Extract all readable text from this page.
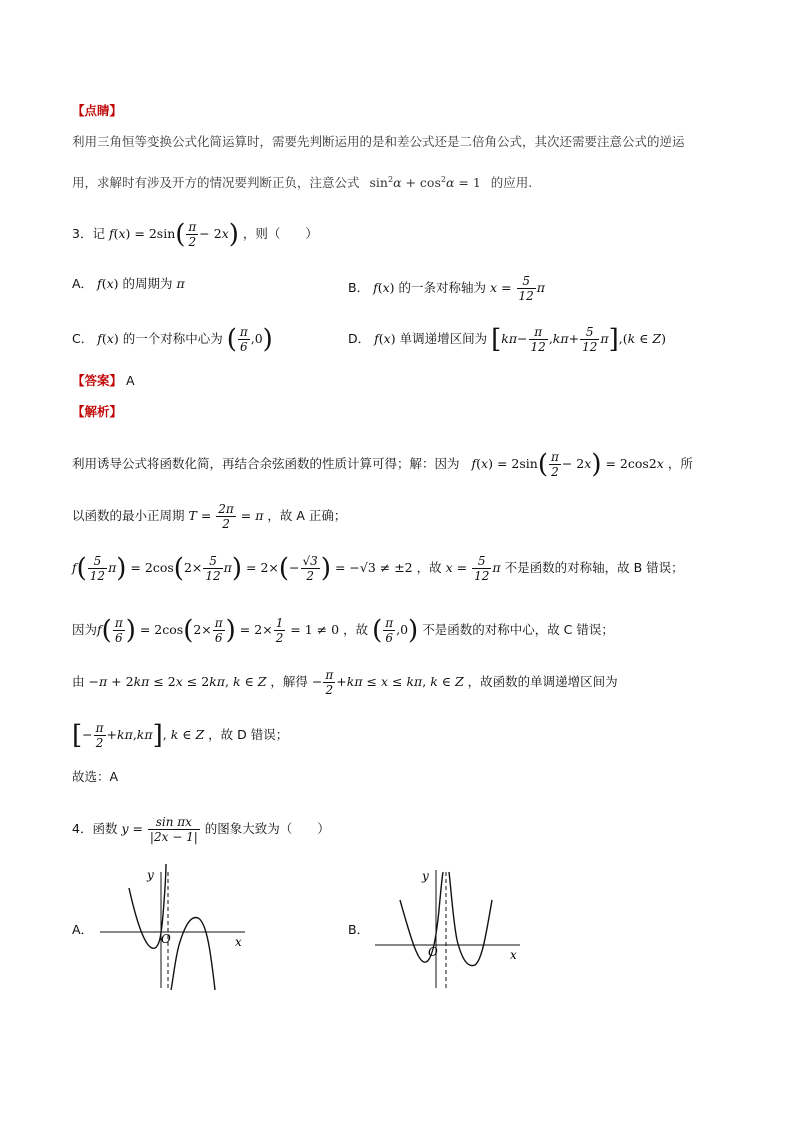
【点睛】
利用三角恒等变换公式化简运算时，需要先判断运用的是和差公式还是二倍角公式，其次还需要注意公式的逆运
用，求解时有涉及开方的情况要判断正负，注意公式 $\sin^2\alpha + \cos^2\alpha = 1$ 的应用.
3．记 $f(x) = 2\sin( \frac{\pi}{2} - 2x)$ ，则（　　）
A． f(x) 的周期为 π	B． f(x) 的一条对称轴为 $x = \frac{5}{12}$ π
C． f(x) 的一个对称中心为 ( $\frac{\pi}{6} ,0$)	D． f(x) 单调递增区间为 $[k\pi- \frac{\pi}{12} ,k\pi+ \frac{5}{12} \pi],(k$ ∈ Z)
【答案】 A
【解析】
利用诱导公式将函数化简，再结合余弦函数的性质计算可得；解：因为 $f(x) = 2\sin( \frac{\pi}{2} - 2x) = 2\cos 2x$ ，所
以函数的最小正周期 $T = \frac{2\pi}{2} = \pi$ ，故 A 正确；
$f( \frac{5}{12} \pi) = 2\cos(2\times \frac{5}{12} \pi) = 2\times(- \frac{√3}{2}$ ) = −√3 ≠ ±2 ，故 $x = \frac{5}{12}$ π 不是函数的对称轴，故 B 错误；
因为$f( \frac{\pi}{6}$ ) = $2\cos(2\times \frac{\pi}{6}$ ) = $2\times \frac{1}{2} = 1 \ne 0$ ，故 ( $\frac{\pi}{6} ,0$) 不是函数的对称中心，故 C 错误；
由 −π + 2kπ ≤ 2x ≤ 2kπ, k ∈ Z ，解得 − $\frac{\pi}{2} +k\pi \le x \le k\pi$, k ∈ Z ，故函数的单调递增区间为
[− $\frac{\pi}{2} +k\pi,k\pi$], k ∈ Z ，故 D 错误；
故选：A
4．函数 $y = \frac{\text{sin πx}}{|2x - 1|}$ 的图象大致为（　　）
A．	B．
y
x
O
y
x
O
